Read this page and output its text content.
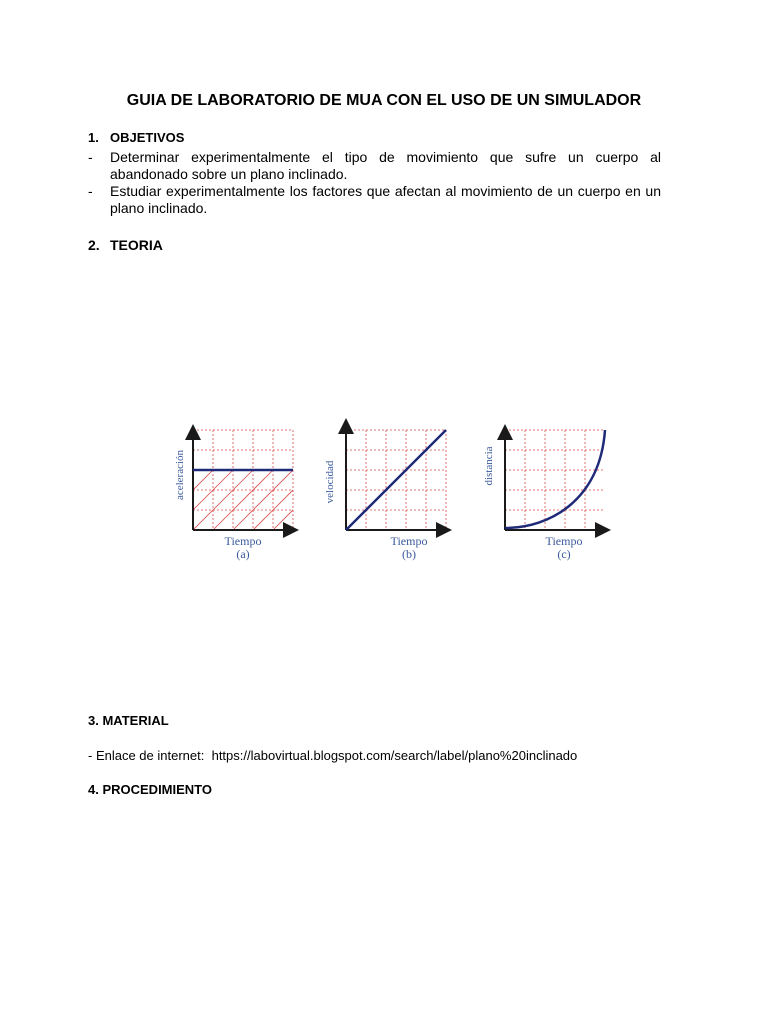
GUIA DE LABORATORIO DE MUA CON EL USO DE UN SIMULADOR
1. OBJETIVOS
- Determinar experimentalmente el tipo de movimiento que sufre un cuerpo al abandonado sobre un plano inclinado.
- Estudiar experimentalmente los factores que afectan al movimiento de un cuerpo en un plano inclinado.
2. TEORIA
aceleración
Tiempo
(a)
velocidad
Tiempo
(b)
distancia
Tiempo
(c)
3. MATERIAL
- Enlace de internet: https://labovirtual.blogspot.com/search/label/plano%20inclinado
4. PROCEDIMIENTO
